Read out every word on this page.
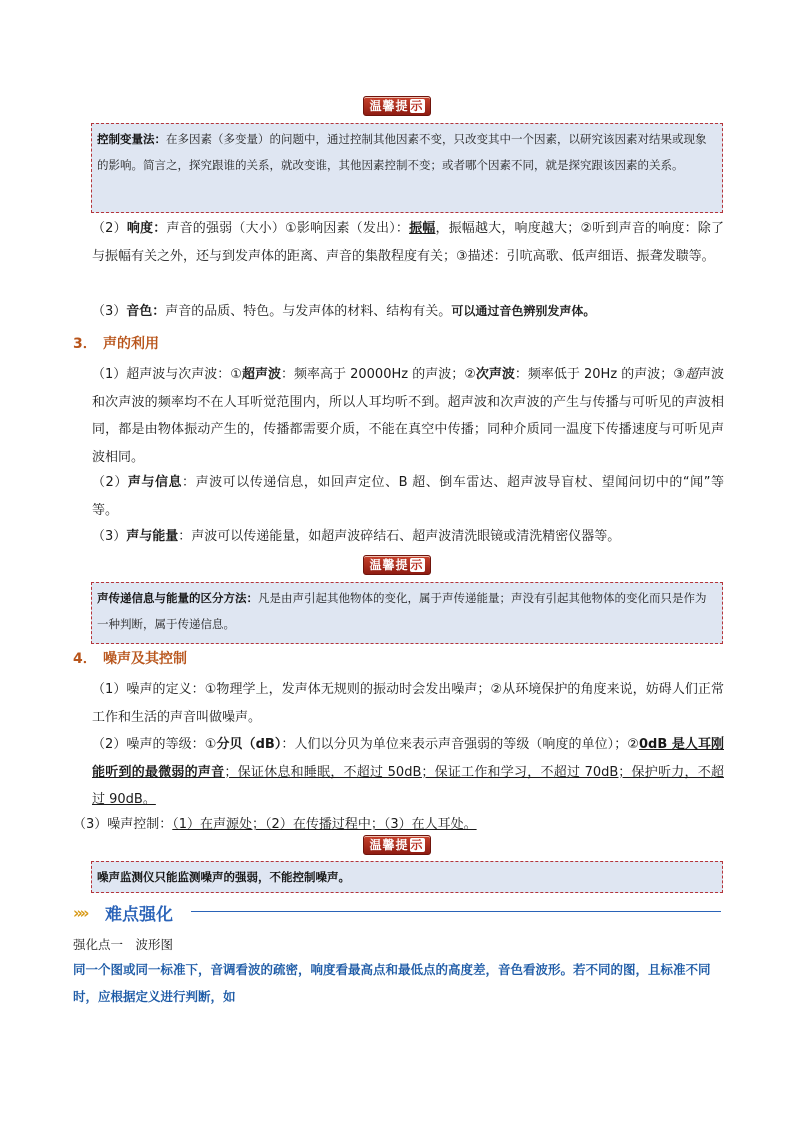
温馨提 示
控制变量法：在多因素（多变量）的问题中，通过控制其他因素不变，只改变其中一个因素，以研究该因素对结果或现象的影响。简言之，探究跟谁的关系，就改变谁，其他因素控制不变；或者哪个因素不同，就是探究跟该因素的关系。
（2）响度：声音的强弱（大小）①影响因素（发出）：振幅，振幅越大，响度越大；②听到声音的响度：除了与振幅有关之外，还与到发声体的距离、声音的集散程度有关；③描述：引吭高歌、低声细语、振聋发聩等。
（3）音色：声音的品质、特色。与发声体的材料、结构有关。可以通过音色辨别发声体。
3． 声的利用
（1）超声波与次声波：①超声波：频率高于 20000Hz 的声波；②次声波：频率低于 20Hz 的声波；③超声波和次声波的频率均不在人耳听觉范围内，所以人耳均听不到。超声波和次声波的产生与传播与可听见的声波相同，都是由物体振动产生的，传播都需要介质，不能在真空中传播；同种介质同一温度下传播速度与可听见声波相同。
（2）声与信息：声波可以传递信息，如回声定位、B 超、倒车雷达、超声波导盲杖、望闻问切中的“闻”等等。
（3）声与能量：声波可以传递能量，如超声波碎结石、超声波清洗眼镜或清洗精密仪器等。
温馨提 示
声传递信息与能量的区分方法：凡是由声引起其他物体的变化，属于声传递能量；声没有引起其他物体的变化而只是作为一种判断，属于传递信息。
4． 噪声及其控制
（1）噪声的定义：①物理学上，发声体无规则的振动时会发出噪声；②从环境保护的角度来说，妨碍人们正常工作和生活的声音叫做噪声。
（2）噪声的等级：①分贝（dB）：人们以分贝为单位来表示声音强弱的等级（响度的单位）；②0dB 是人耳刚能听到的最微弱的声音；保证休息和睡眠，不超过 50dB；保证工作和学习，不超过 70dB；保护听力，不超过 90dB。
（3）噪声控制：（1）在声源处；（2）在传播过程中；（3）在人耳处。
温馨提 示
噪声监测仪只能监测噪声的强弱，不能控制噪声。
»» 难点强化
强化点一　波形图
同一个图或同一标准下，音调看波的疏密，响度看最高点和最低点的高度差，音色看波形。若不同的图，且标准不同时，应根据定义进行判断，如
